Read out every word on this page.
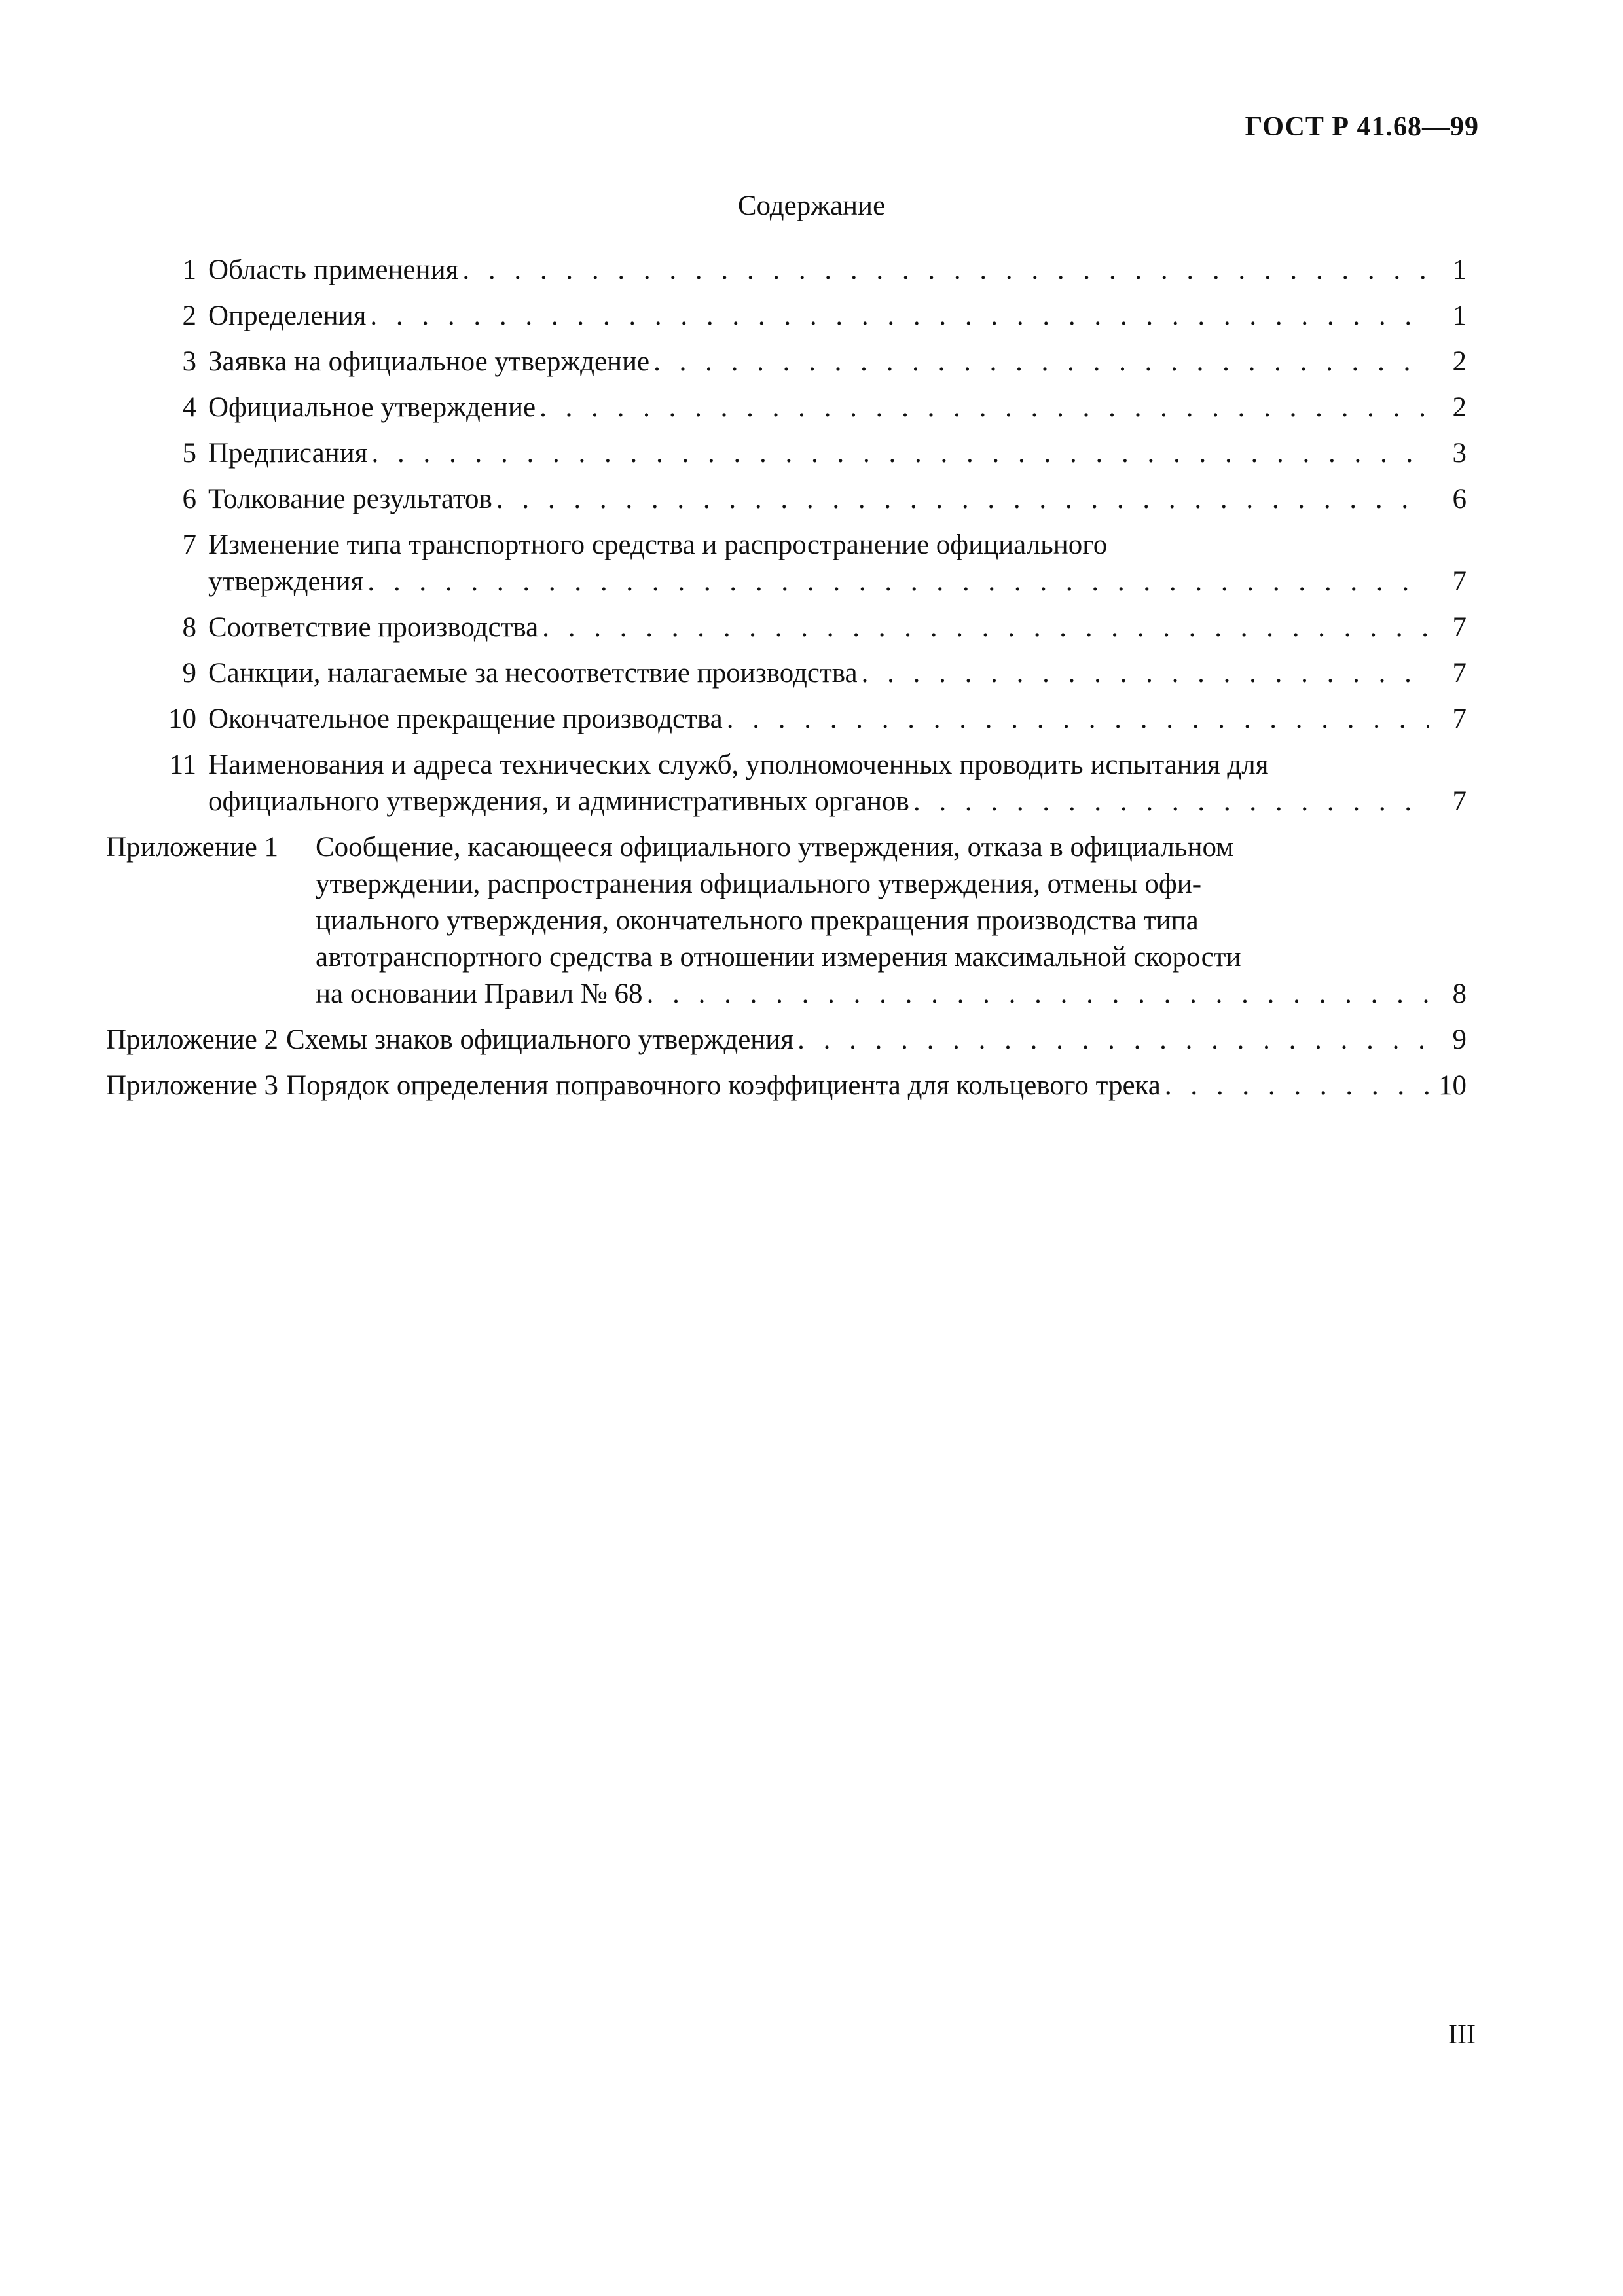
ГОСТ Р 41.68—99
Содержание
1 Область применения . . .	1
2 Определения . . .	1
3 Заявка на официальное утверждение . . .	2
4 Официальное утверждение . . .	2
5 Предписания . . .	3
6 Толкование результатов . . .	6
7 Изменение типа транспортного средства и распространение официального
утверждения . . .	7
8 Соответствие производства . . .	7
9 Санкции, налагаемые за несоответствие производства . . .	7
10 Окончательное прекращение производства . . .	7
11 Наименования и адреса технических служб, уполномоченных проводить испытания для
официального утверждения, и административных органов . . .	7
Приложение 1 Сообщение, касающееся официального утверждения, отказа в официальном
утверждении, распространения официального утверждения, отмены офи-
циального утверждения, окончательного прекращения производства типа
автотранспортного средства в отношении измерения максимальной скорости
на основании Правил № 68 . . .	8
Приложение 2 Схемы знаков официального утверждения . . .	9
Приложение 3 Порядок определения поправочного коэффициента для кольцевого трека . . .	10
III
